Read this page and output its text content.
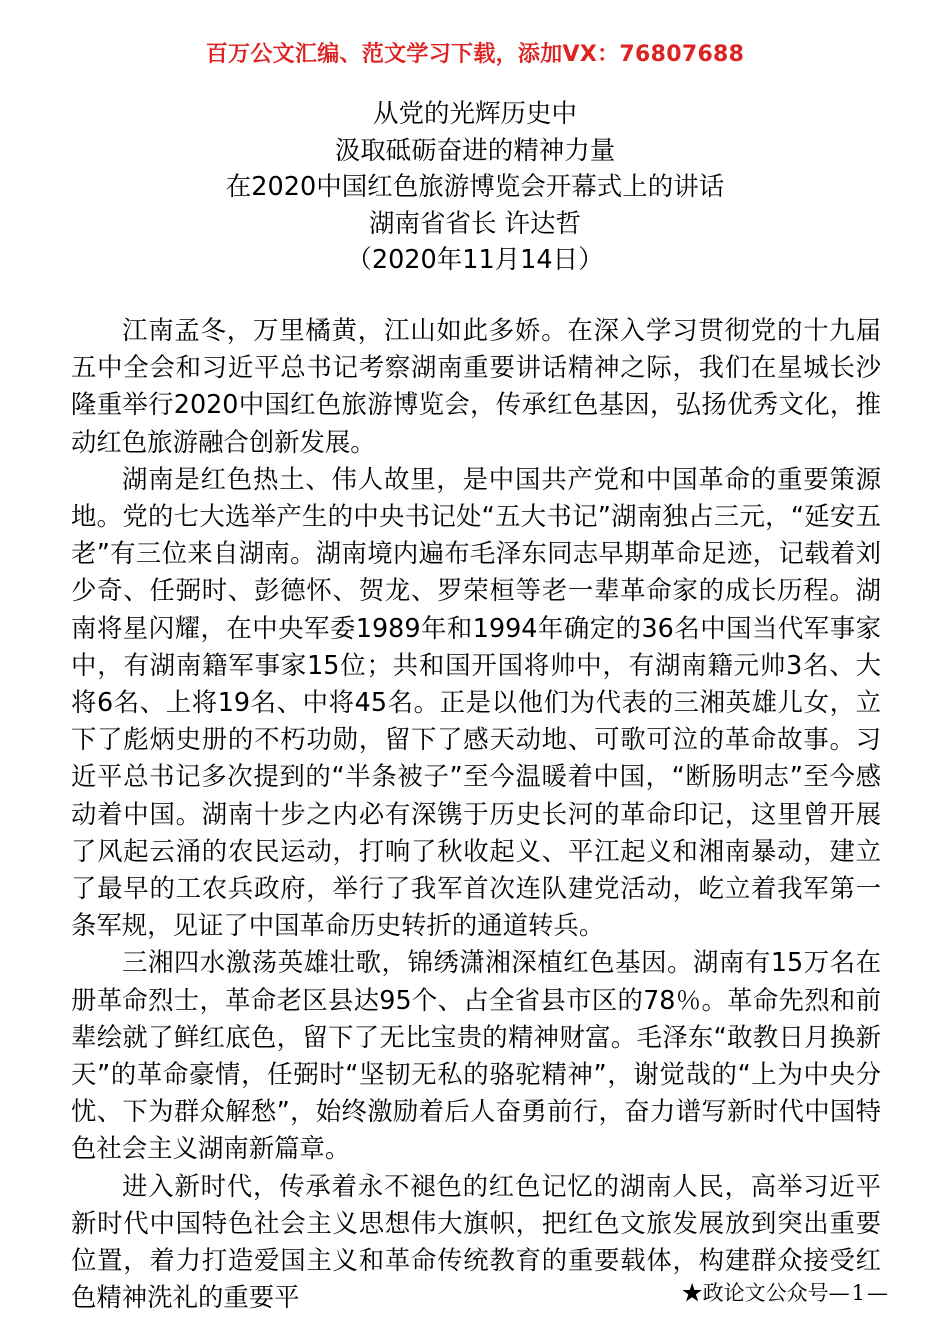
百万公文汇编、范文学习下载，添加VX：76807688
从党的光辉历史中
汲取砥砺奋进的精神力量
在2020中国红色旅游博览会开幕式上的讲话
湖南省省长 许达哲
（2020年11月14日）

江南孟冬，万里橘黄，江山如此多娇。在深入学习贯彻党的十九届五中全会和习近平总书记考察湖南重要讲话精神之际，我们在星城长沙隆重举行2020中国红色旅游博览会，传承红色基因，弘扬优秀文化，推动红色旅游融合创新发展。

湖南是红色热土、伟人故里，是中国共产党和中国革命的重要策源地。党的七大选举产生的中央书记处“五大书记”湖南独占三元，“延安五老”有三位来自湖南。湖南境内遍布毛泽东同志早期革命足迹，记载着刘少奇、任弼时、彭德怀、贺龙、罗荣桓等老一辈革命家的成长历程。湖南将星闪耀，在中央军委1989年和1994年确定的36名中国当代军事家中，有湖南籍军事家15位；共和国开国将帅中，有湖南籍元帅3名、大将6名、上将19名、中将45名。正是以他们为代表的三湘英雄儿女，立下了彪炳史册的不朽功勋，留下了感天动地、可歌可泣的革命故事。习近平总书记多次提到的“半条被子”至今温暖着中国，“断肠明志”至今感动着中国。湖南十步之内必有深镌于历史长河的革命印记，这里曾开展了风起云涌的农民运动，打响了秋收起义、平江起义和湘南暴动，建立了最早的工农兵政府，举行了我军首次连队建党活动，屹立着我军第一条军规，见证了中国革命历史转折的通道转兵。

三湘四水激荡英雄壮歌，锦绣潇湘深植红色基因。湖南有15万名在册革命烈士，革命老区县达95个、占全省县市区的78％。革命先烈和前辈绘就了鲜红底色，留下了无比宝贵的精神财富。毛泽东“敢教日月换新天”的革命豪情，任弼时“坚韧无私的骆驼精神”，谢觉哉的“上为中央分忧、下为群众解愁”，始终激励着后人奋勇前行，奋力谱写新时代中国特色社会主义湖南新篇章。

进入新时代，传承着永不褪色的红色记忆的湖南人民，高举习近平新时代中国特色社会主义思想伟大旗帜，把红色文旅发展放到突出重要位置，着力打造爱国主义和革命传统教育的重要载体，构建群众接受红色精神洗礼的重要平	★政论文公众号—1—
